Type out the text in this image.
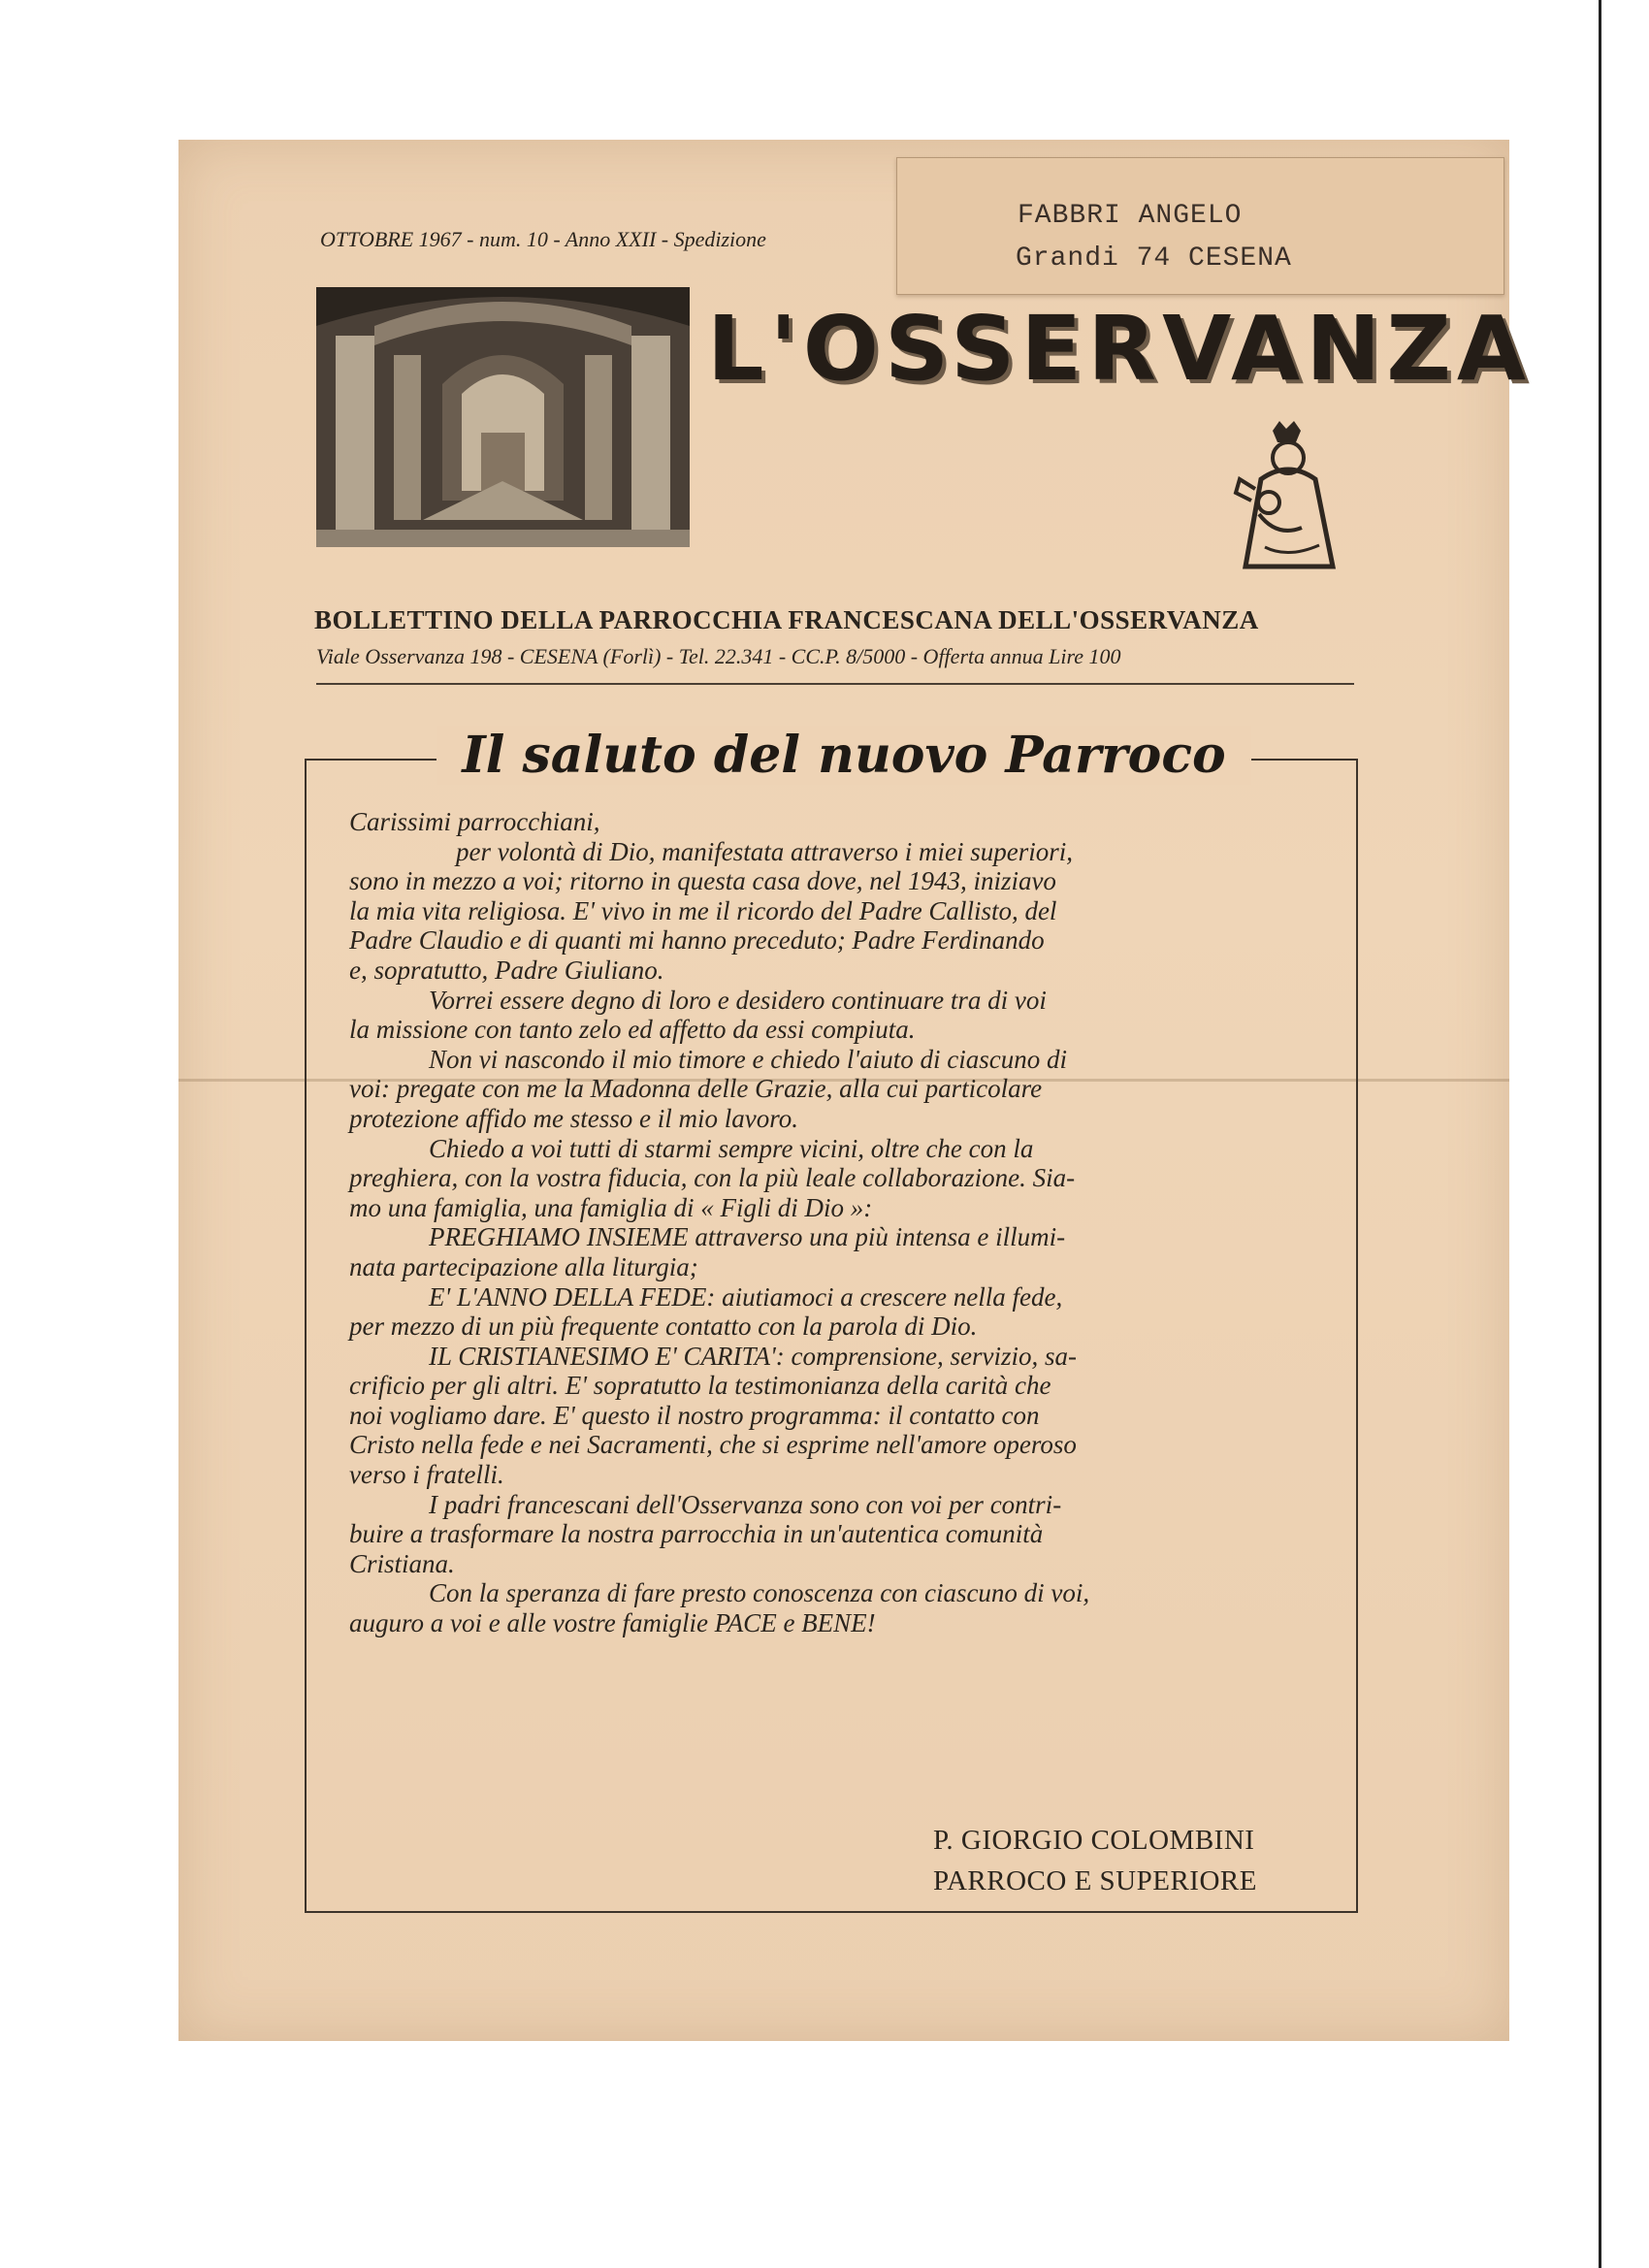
OTTOBRE 1967 - num. 10 - Anno XXII - Spedizione
FABBRI ANGELO
Grandi 74 CESENA
L'OSSERVANZA
BOLLETTINO DELLA PARROCCHIA FRANCESCANA DELL'OSSERVANZA
Viale Osservanza 198 - CESENA (Forlì) - Tel. 22.341 - CC.P. 8/5000 - Offerta annua Lire 100
Il saluto del nuovo Parroco
Carissimi parrocchiani,
per volontà di Dio, manifestata attraverso i miei superiori,
sono in mezzo a voi; ritorno in questa casa dove, nel 1943, iniziavo
la mia vita religiosa. E' vivo in me il ricordo del Padre Callisto, del
Padre Claudio e di quanti mi hanno preceduto; Padre Ferdinando
e, sopratutto, Padre Giuliano.
Vorrei essere degno di loro e desidero continuare tra di voi
la missione con tanto zelo ed affetto da essi compiuta.
Non vi nascondo il mio timore e chiedo l'aiuto di ciascuno di
voi: pregate con me la Madonna delle Grazie, alla cui particolare
protezione affido me stesso e il mio lavoro.
Chiedo a voi tutti di starmi sempre vicini, oltre che con la
preghiera, con la vostra fiducia, con la più leale collaborazione. Sia-
mo una famiglia, una famiglia di « Figli di Dio »:
PREGHIAMO INSIEME attraverso una più intensa e illumi-
nata partecipazione alla liturgia;
E' L'ANNO DELLA FEDE: aiutiamoci a crescere nella fede,
per mezzo di un più frequente contatto con la parola di Dio.
IL CRISTIANESIMO E' CARITA': comprensione, servizio, sa-
crificio per gli altri. E' sopratutto la testimonianza della carità che
noi vogliamo dare. E' questo il nostro programma: il contatto con
Cristo nella fede e nei Sacramenti, che si esprime nell'amore operoso
verso i fratelli.
I padri francescani dell'Osservanza sono con voi per contri-
buire a trasformare la nostra parrocchia in un'autentica comunità
Cristiana.
Con la speranza di fare presto conoscenza con ciascuno di voi,
auguro a voi e alle vostre famiglie PACE e BENE!
P. GIORGIO COLOMBINI
PARROCO E SUPERIORE
